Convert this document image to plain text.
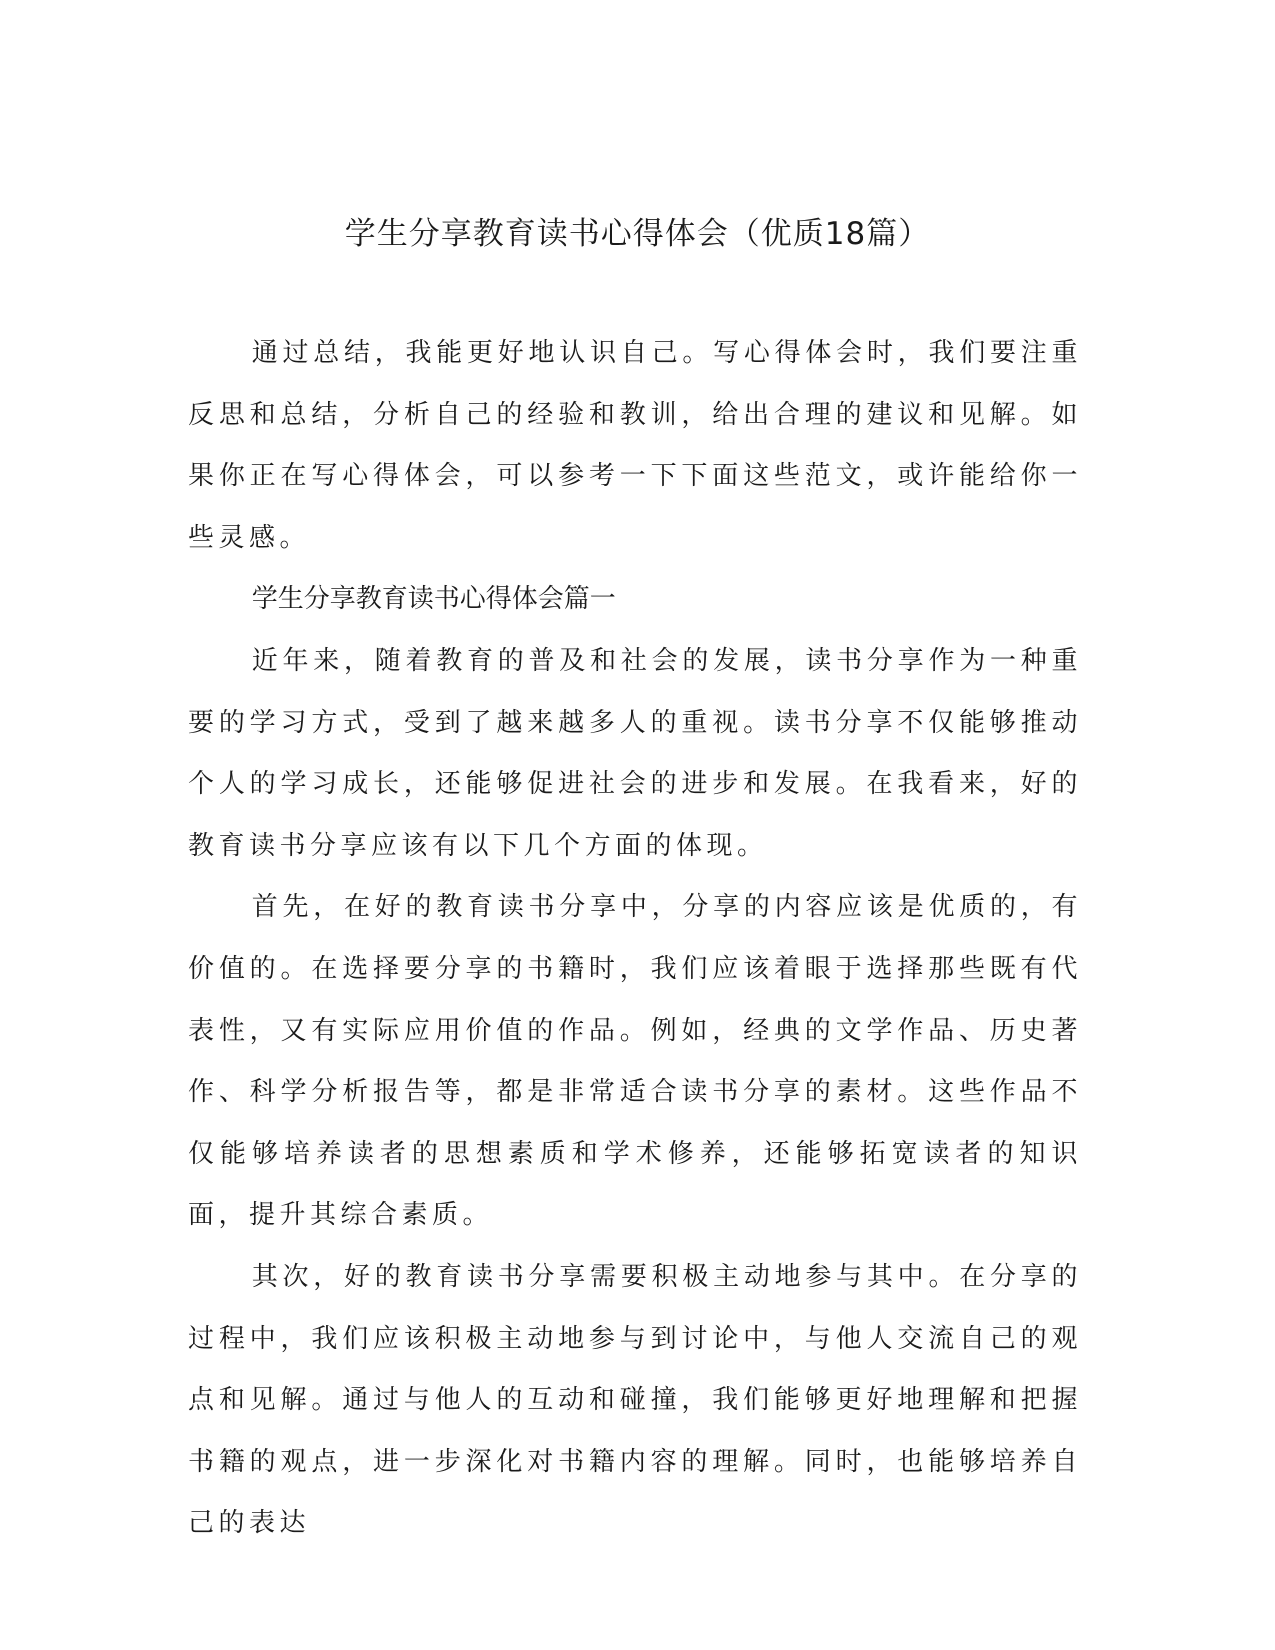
学生分享教育读书心得体会（优质18篇）

通过总结，我能更好地认识自己。写心得体会时，我们要注重反思和总结，分析自己的经验和教训，给出合理的建议和见解。如果你正在写心得体会，可以参考一下下面这些范文，或许能给你一些灵感。

学生分享教育读书心得体会篇一

近年来，随着教育的普及和社会的发展，读书分享作为一种重要的学习方式，受到了越来越多人的重视。读书分享不仅能够推动个人的学习成长，还能够促进社会的进步和发展。在我看来，好的教育读书分享应该有以下几个方面的体现。

首先，在好的教育读书分享中，分享的内容应该是优质的，有价值的。在选择要分享的书籍时，我们应该着眼于选择那些既有代表性，又有实际应用价值的作品。例如，经典的文学作品、历史著作、科学分析报告等，都是非常适合读书分享的素材。这些作品不仅能够培养读者的思想素质和学术修养，还能够拓宽读者的知识面，提升其综合素质。

其次，好的教育读书分享需要积极主动地参与其中。在分享的过程中，我们应该积极主动地参与到讨论中，与他人交流自己的观点和见解。通过与他人的互动和碰撞，我们能够更好地理解和把握书籍的观点，进一步深化对书籍内容的理解。同时，也能够培养自己的表达
